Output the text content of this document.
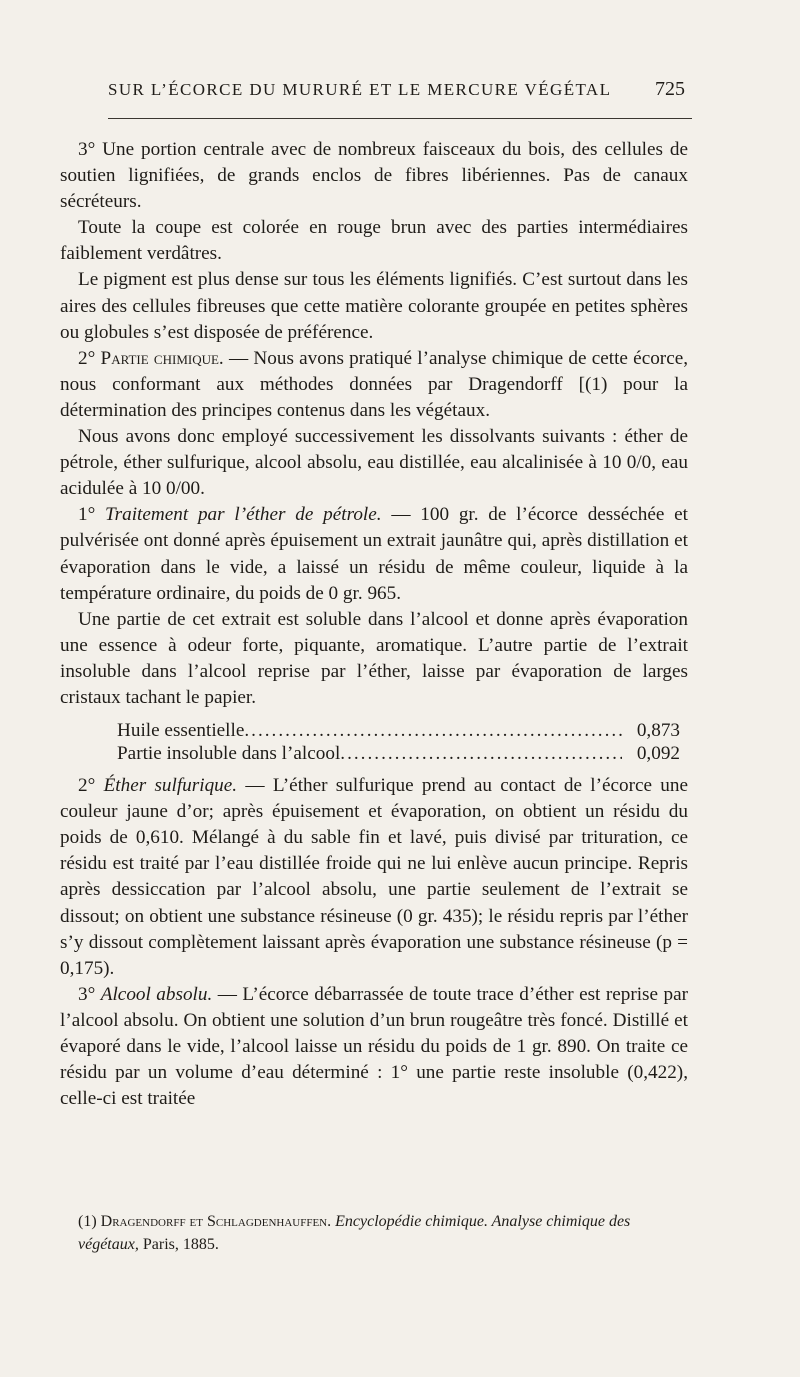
SUR L’ÉCORCE DU MURURÉ ET LE MERCURE VÉGÉTAL 725

3° Une portion centrale avec de nombreux faisceaux du bois, des cellules de soutien lignifiées, de grands enclos de fibres libériennes. Pas de canaux sécréteurs.

Toute la coupe est colorée en rouge brun avec des parties intermédiaires faiblement verdâtres.

Le pigment est plus dense sur tous les éléments lignifiés. C’est surtout dans les aires des cellules fibreuses que cette matière colorante groupée en petites sphères ou globules s’est disposée de préférence.

2° Partie chimique. — Nous avons pratiqué l’analyse chimique de cette écorce, nous conformant aux méthodes données par Dragendorff [(1) pour la détermination des principes contenus dans les végétaux.

Nous avons donc employé successivement les dissolvants suivants : éther de pétrole, éther sulfurique, alcool absolu, eau distillée, eau alcalinisée à 10 0/0, eau acidulée à 10 0/00.

1° Traitement par l’éther de pétrole. — 100 gr. de l’écorce desséchée et pulvérisée ont donné après épuisement un extrait jaunâtre qui, après distillation et évaporation dans le vide, a laissé un résidu de même couleur, liquide à la température ordinaire, du poids de 0 gr. 965.

Une partie de cet extrait est soluble dans l’alcool et donne après évaporation une essence à odeur forte, piquante, aromatique. L’autre partie de l’extrait insoluble dans l’alcool reprise par l’éther, laisse par évaporation de larges cristaux tachant le papier.

Huile essentielle .....	0,873
Partie insoluble dans l’alcool .....	0,092

2° Éther sulfurique. — L’éther sulfurique prend au contact de l’écorce une couleur jaune d’or; après épuisement et évaporation, on obtient un résidu du poids de 0,610. Mélangé à du sable fin et lavé, puis divisé par trituration, ce résidu est traité par l’eau distillée froide qui ne lui enlève aucun principe. Repris après dessiccation par l’alcool absolu, une partie seulement de l’extrait se dissout; on obtient une substance résineuse (0 gr. 435); le résidu repris par l’éther s’y dissout complètement laissant après évaporation une substance résineuse (p = 0,175).

3° Alcool absolu. — L’écorce débarrassée de toute trace d’éther est reprise par l’alcool absolu. On obtient une solution d’un brun rougeâtre très foncé. Distillé et évaporé dans le vide, l’alcool laisse un résidu du poids de 1 gr. 890. On traite ce résidu par un volume d’eau déterminé : 1° une partie reste insoluble (0,422), celle-ci est traitée

(1) Dragendorff et Schlagdenhauffen. Encyclopédie chimique. Analyse chimique des végétaux, Paris, 1885.
